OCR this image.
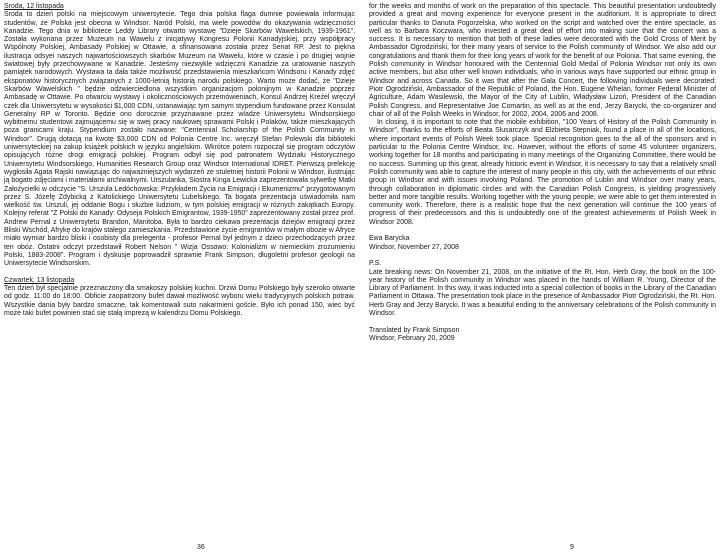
Sroda, 12 listopada

Sroda to dzień polski na miejscowym uniwersytecie. Tego dnia polska flaga dumnie powiewała informując studentów, że Polska jest obecna w Windsor. Naród Polski, ma wiele powodów do okazywania wdzięczności Kanadzie. Tego dnia w bibliotece Leddy Library otwarto wystawę "Dzieje Skarbów Wawelskich, 1939-1961". Została wykonana przez Muzeum na Wawelu z inicjatywy Kongresu Polonii Kanadyjskiej, przy współpracy Wspólnoty Polskiej, Ambasady Polskiej w Ottawie, a sfinansowana została przez Senat RP. Jest to piękna ilustracja odsyei naszych najwartościowszych skarbów Muzeum na Wawelu, które w czasie i po drugiej wojnie światowej były przechowywane w Kanadzie. Jesteśmy niezwykle wdzięczni Kanadzie za uratowanie naszych pamiątek narodowych. Wystawa ta dała także możliwość przedstawienia mieszkańcom Windsoru i Kanady zdjęć eksponatów historycznych związanych z 1000-letnią historią narodu polskiego. Warto może dodać, że "Dzieje Skarbów Wawelskich " będzie odzwierciedlona wszystkim organizacjom polonijnym w Kanadzie poprzez Ambasadę w Ottawie. Po otwarciu wystawy i okolicznościowych przemówieniach, Konsul Andrzej Kreżel wręczył czek dla Uniwersytetu w wysokości $1,000 CDN, ustanawiając tym samym stypendium fundowane przez Konsulat Generalny RP w Toronto. Będzie ono dorocznie przyznawane przez wladze Uniwersytetu Windsorskiego wybitnemu studentowi zajmującemu się w swej pracy naukowej sprawami Polski i Polaków, także mieszkających poza granicami kraju. Stypendium zostało nazwane: "Centennial Scholarship of the Polish Community in Windsor". Drugą dotacją na kwotę $3,000 CDN od Polonia Centre Inc. wręczył Stefan Polewski dla biblioteki uniwersyteckiej na zakup książek polskich w języku angielskim. Wkrótce potem rozpoczął się program odczytów opisujących różne drogi emigracji polskiej. Program odbył się pod patronatem Wydziału Historycznego Uniwersytetu Windsorskiego, Humanities Research Group oraz Windsor International IDRET. Pierwszą prelekcję wygłosiła Agata Rajski nawiązując do najważniejszych wydarzeń ze stuletniej historii Polonii w Windsor, ilustrując ją bogato zdjęciami i materiałami archiwalnymi. Urszulanka, Siostra Kinga Lewicka zaprezentowała sylwetkę Matki Założycielki w odczycie "S. Urszula Ledóchowska: Przykładem Życia na Emigracji i Ekumenizmu" przygotowanym przez S. Józefę Zdybicką z Katolickiego Uniwersytetu Lubelskiego. Ta bogata prezentacja uświadomiła nam wielkość św. Urszuli, jej oddanie Bogu i służbie ludziom, w tym polskiej emigracji w różnych zakątkach Europy. Kolejny referat "Z Polski do Kanady: Odyseja Polskich Emigrantow, 1939-1950" zaprezentowany został przez prof. Andrew Pernal z Uniwersytetu Brandon, Manitoba. Była to bardzo ciekawa prezentacja dziejów emigracji przez Bliski Wschód, Afrykę do krajów stałego zamieszkania. Przedstawione życie emigrantów w małym obozie w Afryce miało wymiar bardzo bliski i osobisty dla prelegenta - profesor Pernal był jednym z dzieci przechodzących przez ten obóz. Ostatni odczyt przedstawił Robert Nelson " Wizja Ossowo: Kolonializm w niemieckim zrozumieniu Polski, 1883-2008". Program i dyskusje poprowadził sprawnie Frank Simpson, długoletni profesor geologii na Uniwersytecie Windsorskim.

Czwartek, 13 listopada

Ten dzień był specjalnie przeznaczony dla smakoszy polskiej kuchni. Drzwi Domu Polskiego były szeroko otwarte od godz. 11:00 do 18:00. Obficie zaopatrzony bufet dawał możliwość wyboru wielu tradycyjnych polskich potraw. Wszystkie dania były bardzo smaczne, tak komentowali suto nakarmieni goście. Było ich ponad 150, wiec być może taki bufet powinien stać się stałą imprezą w kalendrzu Domu Polskiego.

36

for the weeks and months of work on the preparation of this spectacle. This beautiful presentation undoubtedly provided a great and moving experience for everyone present in the auditorium. It is appropriate to direct particular thanks to Danuta Pogorzelska, who worked on the script and watched over the entire spectacle, as well as to Barbara Koczwara, who invested a great deal of effort into making sure that the concert was a success. It is necessary to mention that both of these ladies were decorated with the Gold Cross of Merit by Ambassador Ogrodziński, for their many years of service to the Polish community of Windsor. We also add our congratulations and thank them for their long years of work for the benefit of our Polonia. That same evening, the Polish community in Windsor honoured with the Centennial Gold Medal of Polonia Windsor not only its own active members, but also other well known individuals, who in various ways have supported our ethnic group in Windsor and across Canada. So it was that after the Gala Concert, the following individuals were decorated: Piotr Ogrodziński, Ambassador of the Republic of Poland, the Hon. Eugene Whelan, former Federal Minister of Agriculture, Adam Wasilewski, the Mayor of the City of Lublin, Władysław Lizoń, President of the Canadian Polish Congress, and Representative Joe Comartin, as well as at the end, Jerzy Barycki, the co-organizer and chair of all of the Polish Weeks in Windsor, for 2002, 2004, 2006 and 2008.

In closing, it is important to note that the mobile exhibition, "100 Years of History of the Polish Community in Windsor", thanks to the efforts of Beata Slusarczyk and Elżbieta Stepniak, found a place in all of the locations, where important events of Polish Week took place. Special recognition goes to the all of the sponsors and in particular to the Polonia Centre Windsor, Inc. However, without the efforts of some 45 volunteer organizers, working together for 18 months and participating in many meetings of the Organizing Committee, there would be no success. Summing up this great, already historic event in Windsor, it is necessary to say that a relatively small Polish community was able to capture the interest of many people in this city, with the achievements of our ethnic group in Windsor and with issues involving Poland. The promotion of Lublin and Windsor over many years, through collaboration in diplomatic circles and with the Canadian Polish Congress, is yielding progressively better and more tangible results. Working together with the young people, we were able to get them interested in community work. Therefore, there is a realistic hope that the next generation will continue the 100 years of progress of their predecessors and this is undoubtedly one of the greatest achievements of Polish Week in Windsor 2008.

Ewa Barycka

Windsor, November 27, 2008

P.S.

Late breaking news: On November 21, 2008, on the initiative of the Rt. Hon. Herb Gray, the book on the 100-year history of the Polish community in Windsor was placed in the hands of William R. Young, Director of the Library of Parliament. In this way, it was inducted into a special collection of books in the Library of the Canadian Parliament in Ottawa. The presentation took place in the presence of Ambassador Piotr Ogrodziński, the Rt. Hon. Herb Gray and Jerzy Barycki. It was a beautiful ending to the anniversary celebrations of the Polish community in Windsor.

Translated by Frank Simpson

Windsor, February 20, 2009

9
